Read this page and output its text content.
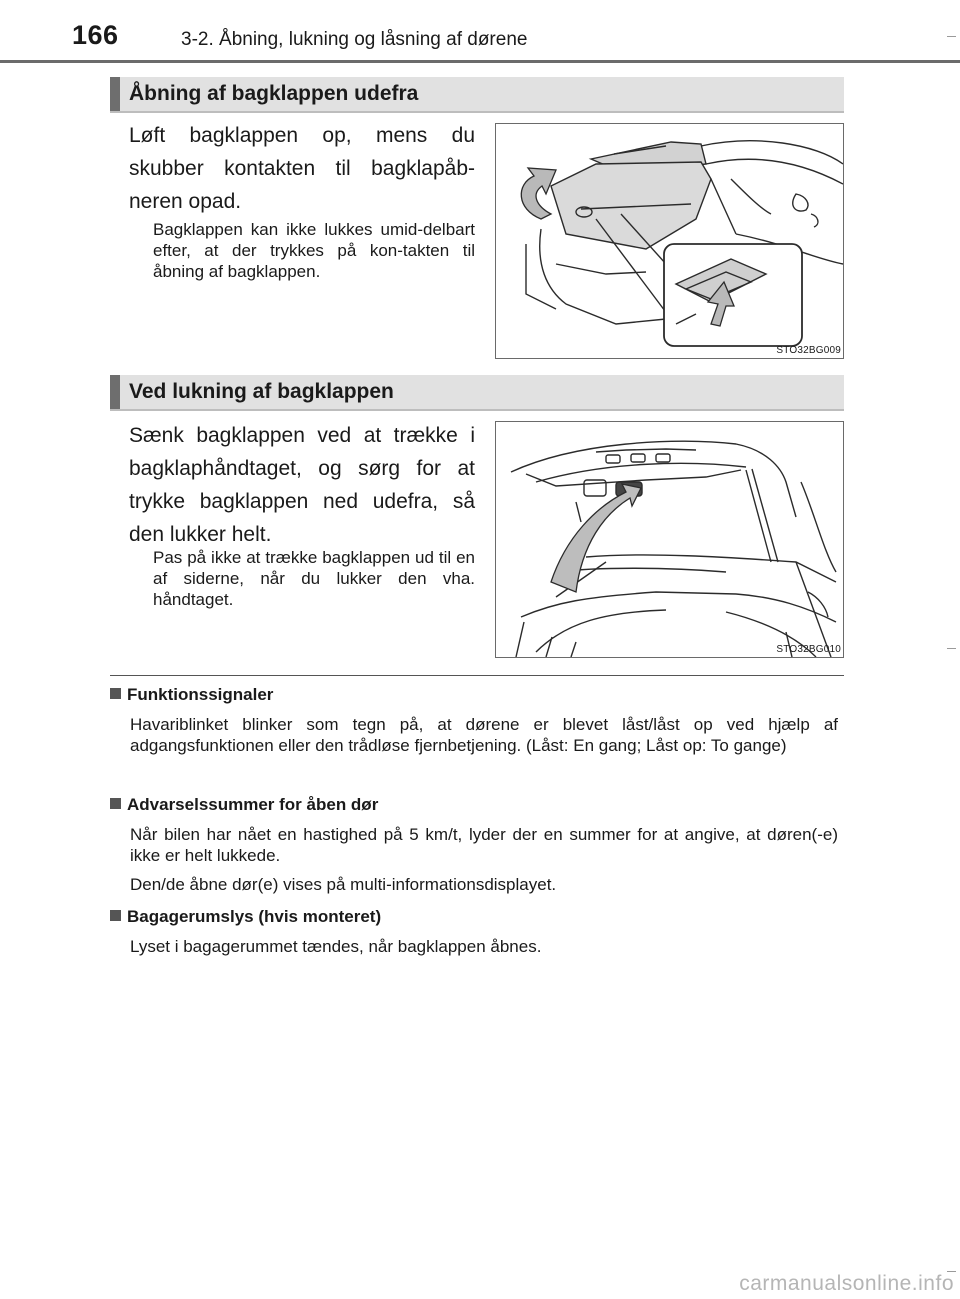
166	3-2. Åbning, lukning og låsning af dørene
Åbning af bagklappen udefra
Løft bagklappen op, mens du skubber kontakten til bagklapåb-neren opad.
Bagklappen kan ikke lukkes umid-delbart efter, at der trykkes på kon-takten til åbning af bagklappen.
STO32BG009
Ved lukning af bagklappen
Sænk bagklappen ved at trække i bagklaphåndtaget, og sørg for at trykke bagklappen ned udefra, så den lukker helt.
Pas på ikke at trække bagklappen ud til en af siderne, når du lukker den vha. håndtaget.
STO32BG010
Funktionssignaler
Havariblinket blinker som tegn på, at dørene er blevet låst/låst op ved hjælp af adgangsfunktionen eller den trådløse fjernbetjening. (Låst: En gang; Låst op: To gange)
Advarselssummer for åben dør
Når bilen har nået en hastighed på 5 km/t, lyder der en summer for at angive, at døren(-e) ikke er helt lukkede.
Den/de åbne dør(e) vises på multi-informationsdisplayet.
Bagagerumslys (hvis monteret)
Lyset i bagagerummet tændes, når bagklappen åbnes.
carmanualsonline.info
